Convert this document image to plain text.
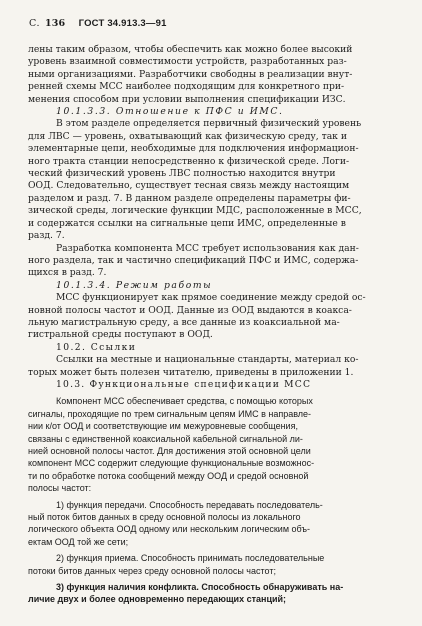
С. 136 ГОСТ 34.913.3—91

лены таким образом, чтобы обеспечить как можно более высокий
уровень взаимной совместимости устройств, разработанных раз-
ными организациями. Разработчики свободны в реализации внут-
ренней схемы МСС наиболее подходящим для конкретного при-
менения способом при условии выполнения спецификации ИЗС.

10.1.3.3. Отношение к ПФС и ИМС.

В этом разделе определяется первичный физический уровень
для ЛВС — уровень, охватывающий как физическую среду, так и
элементарные цепи, необходимые для подключения информацион-
ного тракта станции непосредственно к физической среде. Логи-
ческий физический уровень ЛВС полностью находится внутри
ООД. Следовательно, существует тесная связь между настоящим
разделом и разд. 7. В данном разделе определены параметры фи-
зической среды, логические функции МДС, расположенные в МСС,
и содержатся ссылки на сигнальные цепи ИМС, определенные в
разд. 7.

Разработка компонента МСС требует использования как дан-
ного раздела, так и частично спецификаций ПФС и ИМС, содержа-
щихся в разд. 7.

10.1.3.4. Режим работы

МСС функционирует как прямое соединение между средой ос-
новной полосы частот и ООД. Данные из ООД выдаются в коакса-
льную магистральную среду, а все данные из коаксиальной ма-
гистральной среды поступают в ООД.

10.2. Ссылки

Ссылки на местные и национальные стандарты, материал ко-
торых может быть полезен читателю, приведены в приложении 1.

10.3. Функциональные спецификации МСС

Компонент МСС обеспечивает средства, с помощью которых
сигналы, проходящие по трем сигнальным цепям ИМС в направле-
нии к/от ООД и соответствующие им межуровневые сообщения,
связаны с единственной коаксиальной кабельной сигнальной ли-
нией основной полосы частот. Для достижения этой основной цели
компонент МСС содержит следующие функциональные возможнос-
ти по обработке потока сообщений между ООД и средой основной
полосы частот:

1) функция передачи. Способность передавать последователь-
ный поток битов данных в среду основной полосы из локального
логического объекта ООД одному или нескольким логическим объ-
ектам ООД той же сети;

2) функция приема. Способность принимать последовательные
потоки битов данных через среду основной полосы частот;

3) функция наличия конфликта. Способность обнаруживать на-
личие двух и более одновременно передающих станций;
